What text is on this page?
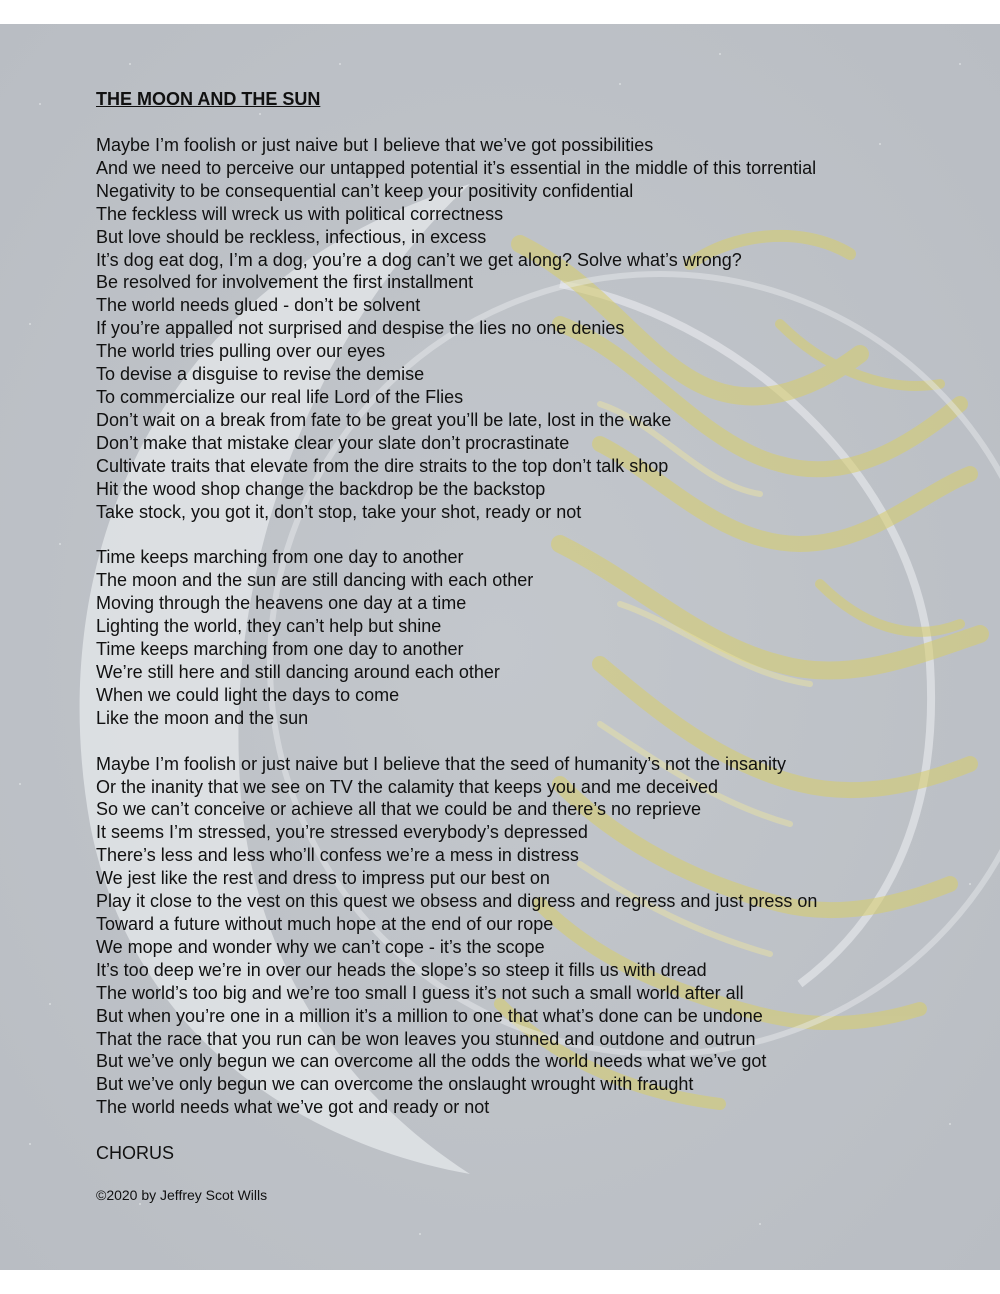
THE MOON AND THE SUN
Maybe I’m foolish or just naive but I believe that we’ve got possibilities
And we need to perceive our untapped potential it’s essential in the middle of this torrential
Negativity to be consequential can’t keep your positivity confidential
The feckless will wreck us with political correctness
But love should be reckless, infectious, in excess
It’s dog eat dog, I’m a dog, you’re a dog can’t we get along? Solve what’s wrong?
Be resolved for involvement the first installment
The world needs glued - don’t be solvent
If you’re appalled not surprised and despise the lies no one denies
The world tries pulling over our eyes
To devise a disguise to revise the demise
To commercialize our real life Lord of the Flies
Don’t wait on a break from fate to be great you’ll be late, lost in the wake
Don’t make that mistake clear your slate don’t procrastinate
Cultivate traits that elevate from the dire straits to the top don’t talk shop
Hit the wood shop change the backdrop be the backstop
Take stock, you got it, don’t stop, take your shot, ready or not
Time keeps marching from one day to another
The moon and the sun are still dancing with each other
Moving through the heavens one day at a time
Lighting the world, they can’t help but shine
Time keeps marching from one day to another
We’re still here and still dancing around each other
When we could light the days to come
Like the moon and the sun
Maybe I’m foolish or just naive but I believe that the seed of humanity’s not the insanity
Or the inanity that we see on TV the calamity that keeps you and me deceived
So we can’t conceive or achieve all that we could be and there’s no reprieve
It seems I’m stressed, you’re stressed everybody’s depressed
There’s less and less who’ll confess we’re a mess in distress
We jest like the rest and dress to impress put our best on
Play it close to the vest on this quest we obsess and digress and regress and just press on
Toward a future without much hope at the end of our rope
We mope and wonder why we can’t cope - it’s the scope
It’s too deep we’re in over our heads the slope’s so steep it fills us with dread
The world’s too big and we’re too small I guess it’s not such a small world after all
But when you’re one in a million it’s a million to one that what’s done can be undone
That the race that you run can be won leaves you stunned and outdone and outrun
But we’ve only begun we can overcome all the odds the world needs what we’ve got
But we’ve only begun we can overcome the onslaught wrought with fraught
The world needs what we’ve got and ready or not
CHORUS
©2020 by Jeffrey Scot Wills
